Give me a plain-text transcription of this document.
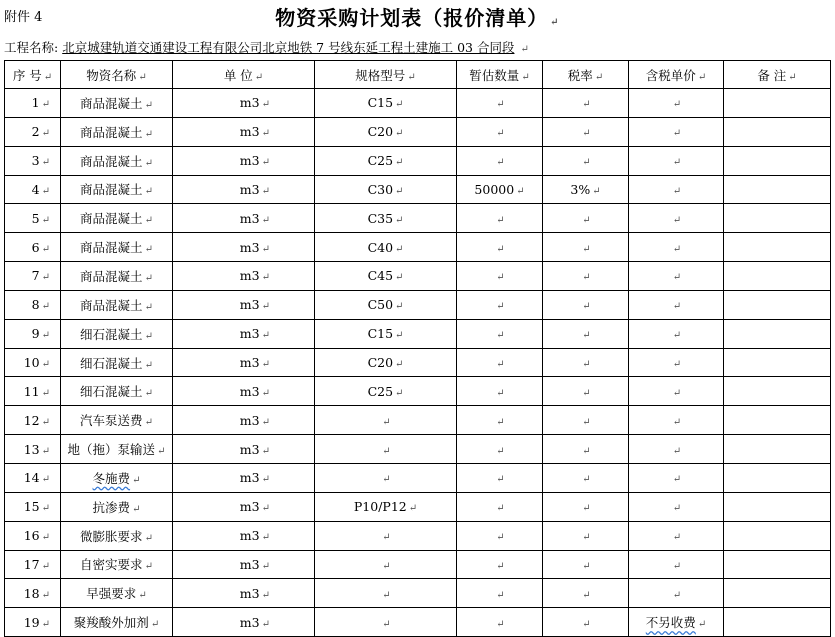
附件 4	物资采购计划表（报价清单） ↵
工程名称: 北京城建轨道交通建设工程有限公司北京地铁 7 号线东延工程土建施工 03 合同段 ↵
序 号 ↵	物资名称 ↵	单 位 ↵	规格型号 ↵	暂估数量 ↵	税率 ↵	含税单价 ↵	备 注 ↵
1 ↵	商品混凝土 ↵	m3 ↵	C15 ↵	↵	↵	↵	
2 ↵	商品混凝土 ↵	m3 ↵	C20 ↵	↵	↵	↵	
3 ↵	商品混凝土 ↵	m3 ↵	C25 ↵	↵	↵	↵	
4 ↵	商品混凝土 ↵	m3 ↵	C30 ↵	50000 ↵	3% ↵	↵	
5 ↵	商品混凝土 ↵	m3 ↵	C35 ↵	↵	↵	↵	
6 ↵	商品混凝土 ↵	m3 ↵	C40 ↵	↵	↵	↵	
7 ↵	商品混凝土 ↵	m3 ↵	C45 ↵	↵	↵	↵	
8 ↵	商品混凝土 ↵	m3 ↵	C50 ↵	↵	↵	↵	
9 ↵	细石混凝土 ↵	m3 ↵	C15 ↵	↵	↵	↵	
10 ↵	细石混凝土 ↵	m3 ↵	C20 ↵	↵	↵	↵	
11 ↵	细石混凝土 ↵	m3 ↵	C25 ↵	↵	↵	↵	
12 ↵	汽车泵送费 ↵	m3 ↵	↵	↵	↵	↵	
13 ↵	地（拖）泵输送 ↵	m3 ↵	↵	↵	↵	↵	
14 ↵	冬施费 ↵	m3 ↵	↵	↵	↵	↵	
15 ↵	抗渗费 ↵	m3 ↵	P10/P12 ↵	↵	↵	↵	
16 ↵	微膨胀要求 ↵	m3 ↵	↵	↵	↵	↵	
17 ↵	自密实要求 ↵	m3 ↵	↵	↵	↵	↵	
18 ↵	早强要求 ↵	m3 ↵	↵	↵	↵	↵	
19 ↵	聚羧酸外加剂 ↵	m3 ↵	↵	↵	↵	不另收费 ↵	
